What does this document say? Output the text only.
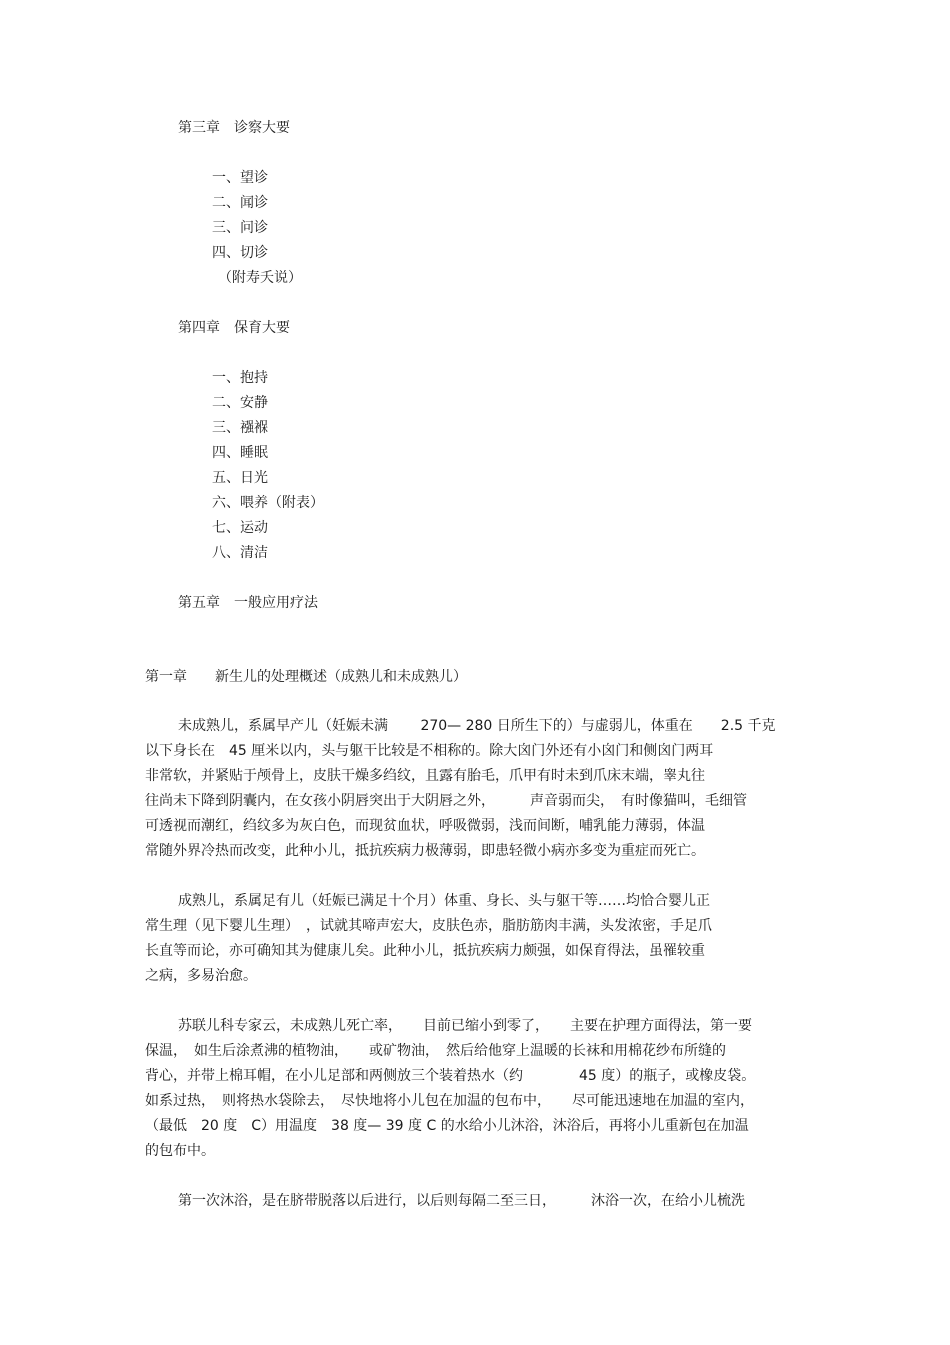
第三章　诊察大要
一、望诊
二、闻诊
三、问诊
四、切诊
（附寿夭说）
第四章　保育大要
一、抱持
二、安静
三、襁褓
四、睡眠
五、日光
六、喂养（附表）
七、运动
八、清洁
第五章　一般应用疗法
第一章　　新生儿的处理概述（成熟儿和未成熟儿）
未成熟儿，系属早产儿（妊娠未满　　 270— 280 日所生下的）与虚弱儿，体重在　　2.5 千克
以下身长在　45 厘米以内，头与躯干比较是不相称的。除大囟门外还有小囟门和侧囟门两耳
非常软，并紧贴于颅骨上，皮肤干燥多绉纹，且露有胎毛，爪甲有时未到爪床末端，睾丸往
往尚未下降到阴囊内，在女孩小阴唇突出于大阴唇之外，　　　声音弱而尖，　有时像猫叫，毛细管
可透视而潮红，绉纹多为灰白色，而现贫血状，呼吸微弱，浅而间断，哺乳能力薄弱，体温
常随外界冷热而改变，此种小儿，抵抗疾病力极薄弱，即患轻微小病亦多变为重症而死亡。
成熟儿，系属足有儿（妊娠已满足十个月）体重、身长、头与躯干等……均恰合婴儿正
常生理（见下婴儿生理）　，试就其啼声宏大，皮肤色赤，脂肪筋肉丰满，头发浓密，手足爪
长直等而论，亦可确知其为健康儿矣。此种小儿，抵抗疾病力颇强，如保育得法，虽罹较重
之病，多易治愈。
苏联儿科专家云，未成熟儿死亡率，　　目前已缩小到零了，　　主要在护理方面得法，第一要
保温，　如生后涂煮沸的植物油，　　或矿物油，　然后给他穿上温暖的长袜和用棉花纱布所缝的
背心，并带上棉耳帽，在小儿足部和两侧放三个装着热水（约　　　　45 度）的瓶子，或橡皮袋。
如系过热，　则将热水袋除去，　尽快地将小儿包在加温的包布中，　　尽可能迅速地在加温的室内，
（最低　20 度　C）用温度　38 度— 39 度 C 的水给小儿沐浴，沐浴后，再将小儿重新包在加温
的包布中。
第一次沐浴，是在脐带脱落以后进行，以后则每隔二至三日，　　　沐浴一次，在给小儿梳洗
